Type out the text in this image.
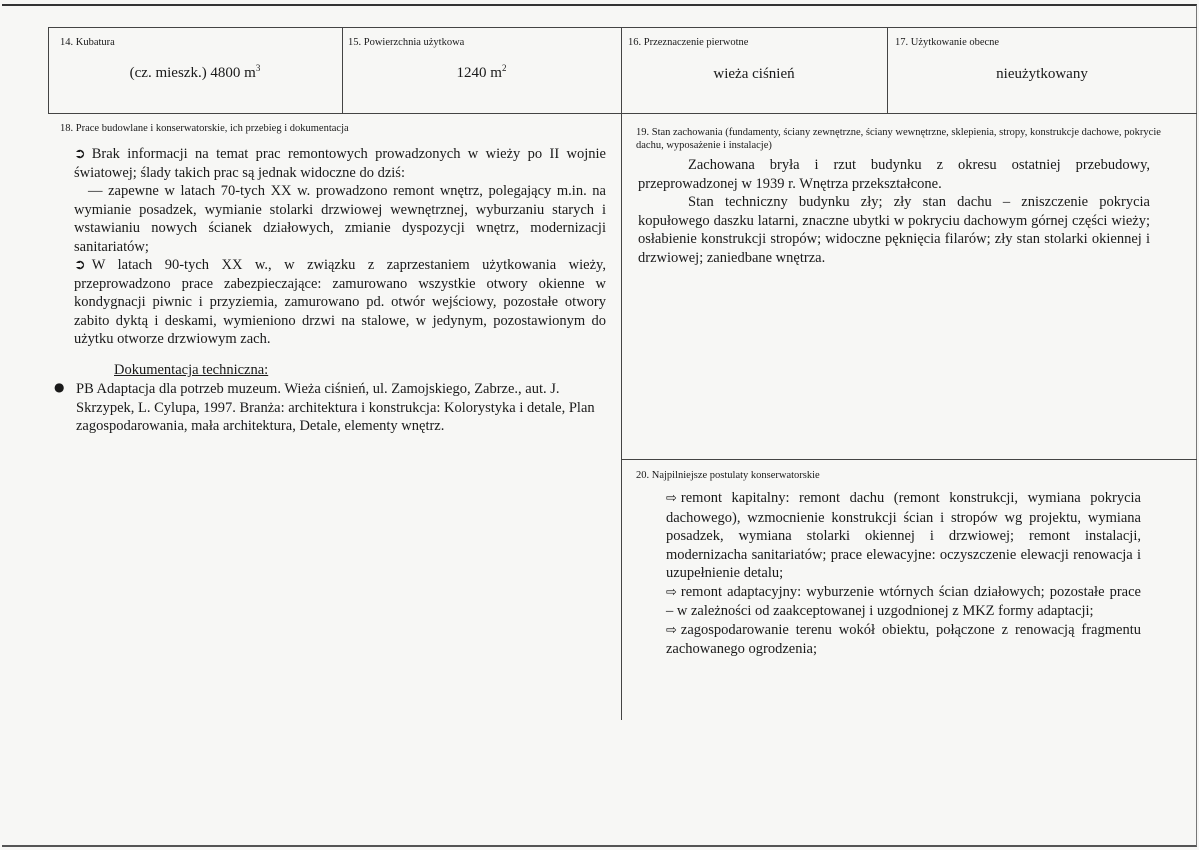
14. Kubatura
(cz. mieszk.) 4800 $m^3$
15. Powierzchnia użytkowa
1240 $m^2$
16. Przeznaczenie pierwotne
wieża ciśnień
17. Użytkowanie obecne
nieużytkowany
18. Prace budowlane i konserwatorskie, ich przebieg i dokumentacja

➲ Brak informacji na temat prac remontowych prowadzonych w wieży po II wojnie światowej; ślady takich prac są jednak widoczne do dziś:

— zapewne w latach 70-tych XX w. prowadzono remont wnętrz, polegający m.in. na wymianie posadzek, wymianie stolarki drzwiowej wewnętrznej, wyburzaniu starych i wstawianiu nowych ścianek działowych, zmianie dyspozycji wnętrz, modernizacji sanitariatów;

➲ W latach 90-tych XX w., w związku z zaprzestaniem użytkowania wieży, przeprowadzono prace zabezpieczające: zamurowano wszystkie otwory okienne w kondygnacji piwnic i przyziemia, zamurowano pd. otwór wejściowy, pozostałe otwory zabito dyktą i deskami, wymieniono drzwi na stalowe, w jedynym, pozostawionym do użytku otworze drzwiowym zach.

Dokumentacja techniczna:
● PB Adaptacja dla potrzeb muzeum. Wieża ciśnień, ul. Zamojskiego, Zabrze., aut. J. Skrzypek, L. Cylupa, 1997. Branża: architektura i konstrukcja: Kolorystyka i detale, Plan zagospodarowania, mała architektura, Detale, elementy wnętrz.

19. Stan zachowania (fundamenty, ściany zewnętrzne, ściany wewnętrzne, sklepienia, stropy, konstrukcje dachowe, pokrycie dachu, wyposażenie i instalacje)

Zachowana bryła i rzut budynku z okresu ostatniej przebudowy, przeprowadzonej w 1939 r. Wnętrza przekształcone.

Stan techniczny budynku zły; zły stan dachu – zniszczenie pokrycia kopułowego daszku latarni, znaczne ubytki w pokryciu dachowym górnej części wieży; osłabienie konstrukcji stropów; widoczne pęknięcia filarów; zły stan stolarki okiennej i drzwiowej; zaniedbane wnętrza.

20. Najpilniejsze postulaty konserwatorskie

⇨ remont kapitalny: remont dachu (remont konstrukcji, wymiana pokrycia dachowego), wzmocnienie konstrukcji ścian i stropów wg projektu, wymiana posadzek, wymiana stolarki okiennej i drzwiowej; remont instalacji, modernizacha sanitariatów; prace elewacyjne: oczyszczenie elewacji renowacja i uzupełnienie detalu;

⇨ remont adaptacyjny: wyburzenie wtórnych ścian działowych; pozostałe prace – w zależności od zaakceptowanej i uzgodnionej z MKZ formy adaptacji;

⇨ zagospodarowanie terenu wokół obiektu, połączone z renowacją fragmentu zachowanego ogrodzenia;
